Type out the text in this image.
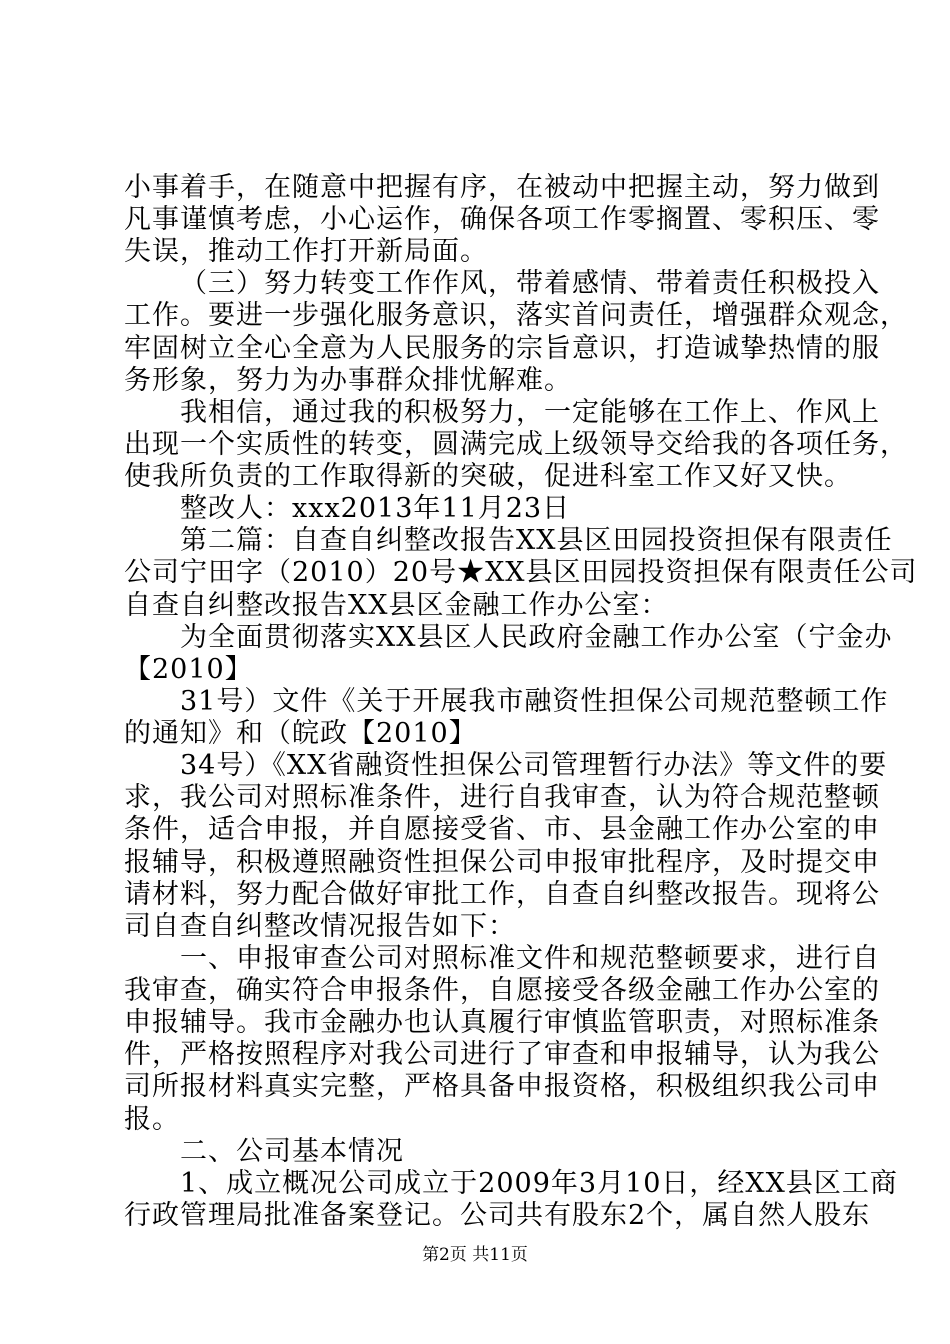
小事着手，在随意中把握有序，在被动中把握主动，努力做到
凡事谨慎考虑，小心运作，确保各项工作零搁置、零积压、零
失误，推动工作打开新局面。
（三）努力转变工作作风，带着感情、带着责任积极投入
工作。要进一步强化服务意识，落实首问责任，增强群众观念，
牢固树立全心全意为人民服务的宗旨意识，打造诚挚热情的服
务形象，努力为办事群众排忧解难。
我相信，通过我的积极努力，一定能够在工作上、作风上
出现一个实质性的转变，圆满完成上级领导交给我的各项任务，
使我所负责的工作取得新的突破，促进科室工作又好又快。
整改人：xxx2013年11月23日
第二篇：自查自纠整改报告XX县区田园投资担保有限责任
公司宁田字（2010）20号★XX县区田园投资担保有限责任公司
自查自纠整改报告XX县区金融工作办公室：
为全面贯彻落实XX县区人民政府金融工作办公室（宁金办
【2010】
31号）文件《关于开展我市融资性担保公司规范整顿工作
的通知》和（皖政【2010】
34号）《XX省融资性担保公司管理暂行办法》等文件的要
求，我公司对照标准条件，进行自我审查，认为符合规范整顿
条件，适合申报，并自愿接受省、市、县金融工作办公室的申
报辅导，积极遵照融资性担保公司申报审批程序，及时提交申
请材料，努力配合做好审批工作，自查自纠整改报告。现将公
司自查自纠整改情况报告如下：
一、申报审查公司对照标准文件和规范整顿要求，进行自
我审查，确实符合申报条件，自愿接受各级金融工作办公室的
申报辅导。我市金融办也认真履行审慎监管职责，对照标准条
件，严格按照程序对我公司进行了审查和申报辅导，认为我公
司所报材料真实完整，严格具备申报资格，积极组织我公司申
报。
二、公司基本情况
1、成立概况公司成立于2009年3月10日，经XX县区工商
行政管理局批准备案登记。公司共有股东2个，属自然人股东
第2页 共11页
